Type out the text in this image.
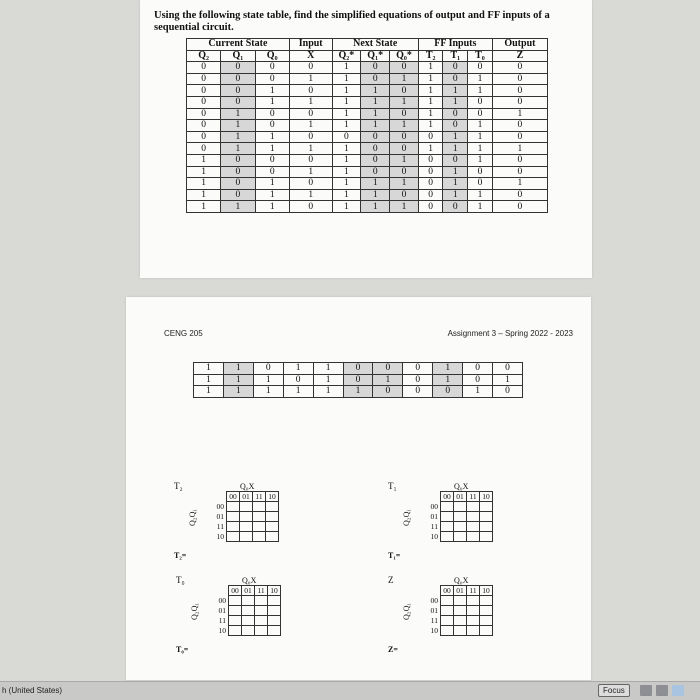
Using the following state table, find the simplified equations of output and FF inputs of a sequential circuit.
Current State			Input	Next State			FF Inputs			Output
Q₂	Q₁	Q₀	X	Q₂*	Q₁*	Q₀*	T₂	T₁	T₀	Z
0	0	0	0	1	0	0	1	0	0	0
0	0	0	1	1	0	1	1	0	1	0
0	0	1	0	1	1	0	1	1	1	0
0	0	1	1	1	1	1	1	1	0	0
0	1	0	0	1	1	0	1	0	0	1
0	1	0	1	1	1	1	1	0	1	0
0	1	1	0	0	0	0	0	1	1	0
0	1	1	1	1	0	0	1	1	1	1
1	0	0	0	1	0	1	0	0	1	0
1	0	0	1	1	0	0	0	1	0	0
1	0	1	0	1	1	1	0	1	0	1
1	0	1	1	1	1	0	0	1	1	0
1	1	1	0	1	1	1	0	0	1	0
CENG 205	Assignment 3 – Spring 2022 - 2023
1	1	0	1	1	0	0	0	1	0	0
1	1	1	0	1	0	1	0	1	0	1
1	1	1	1	1	1	0	0	0	1	0
T₂	Q₀X
Q₂Q₁
	00	01	11	10
00				
01				
11				
10				
T₂=
T₁	Q₀X
Q₂Q₁
	00	01	11	10
00				
01				
11				
10				
T₁=
T₀	Q₀X
Q₂Q₁
	00	01	11	10
00				
01				
11				
10				
T₀=
Z	Q₀X
Q₂Q₁
	00	01	11	10
00				
01				
11				
10				
Z=
h (United States)	Focus
